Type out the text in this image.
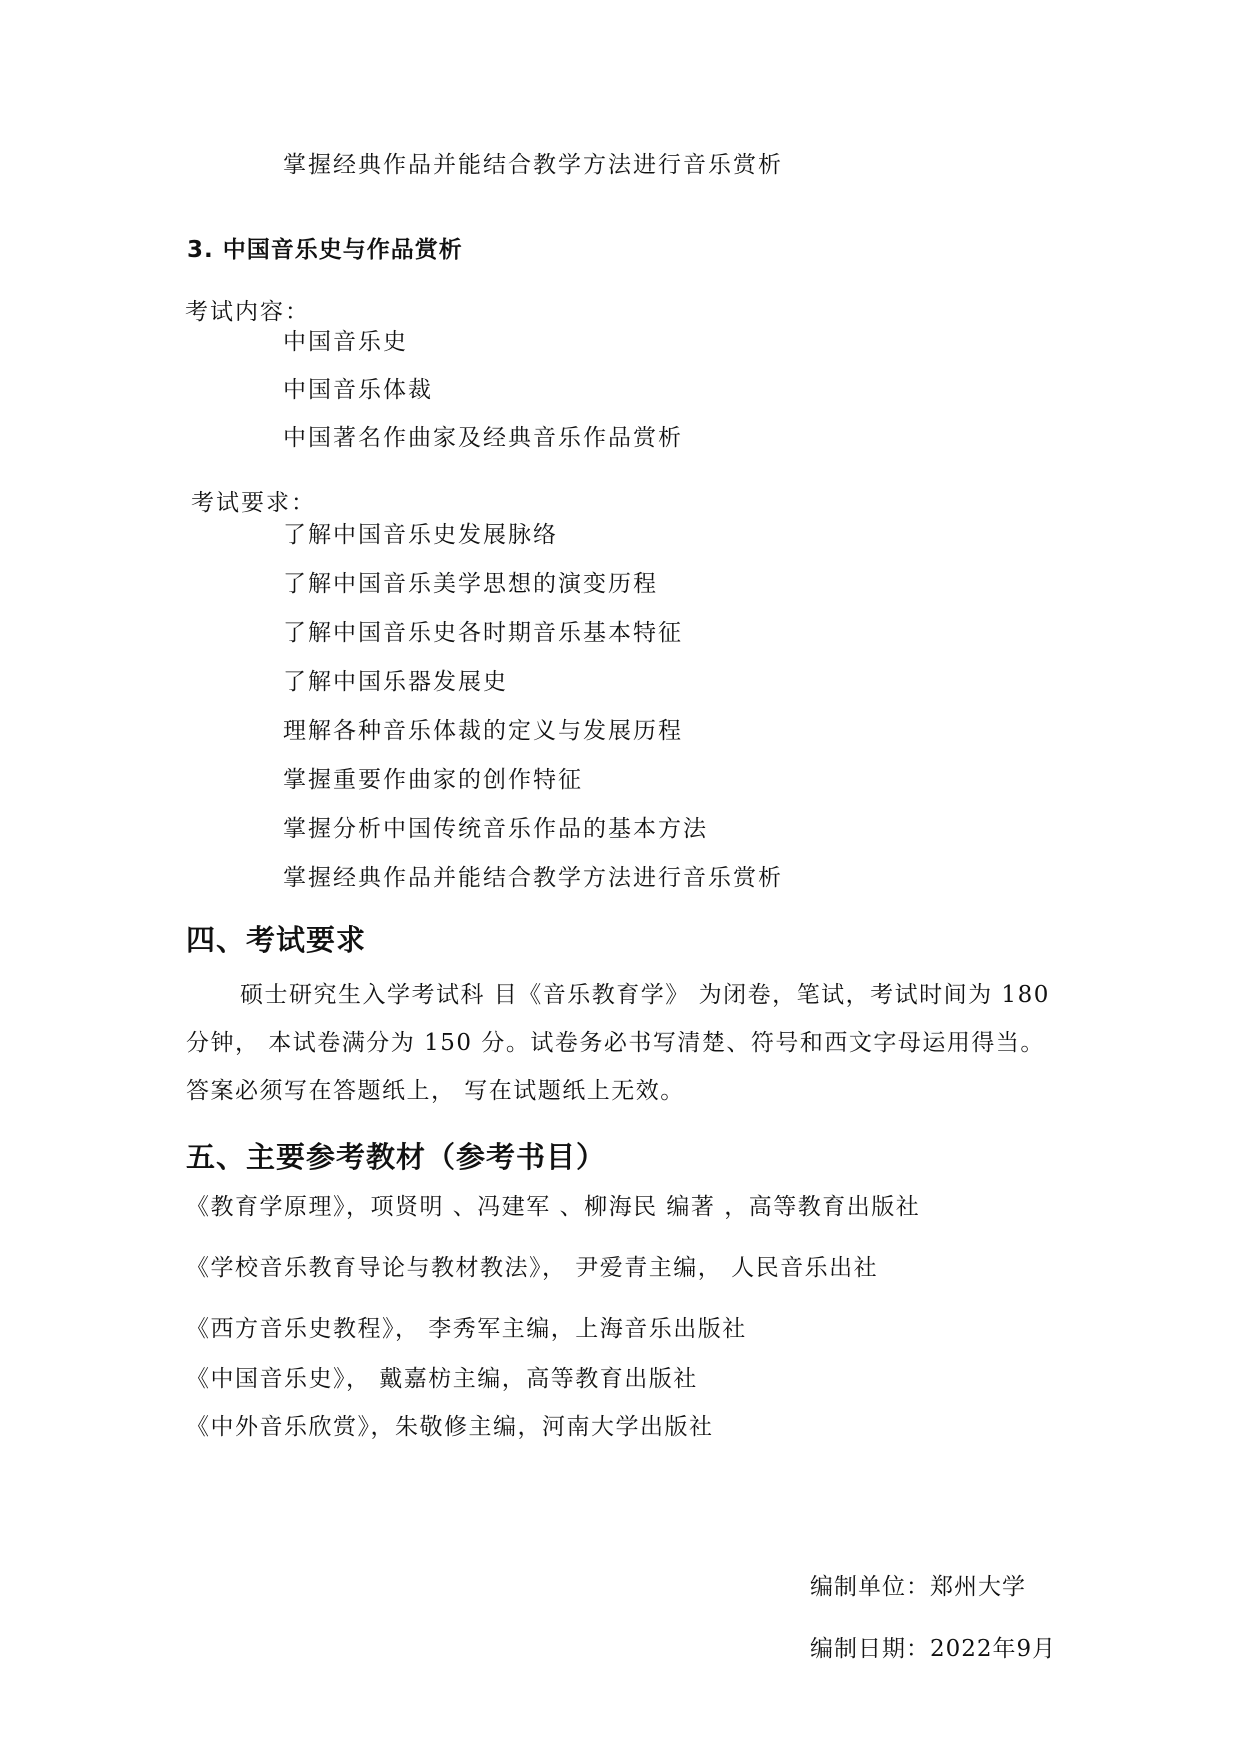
掌握经典作品并能结合教学方法进行音乐赏析
3. 中国音乐史与作品赏析
考试内容：
中国音乐史
中国音乐体裁
中国著名作曲家及经典音乐作品赏析
考试要求：
了解中国音乐史发展脉络
了解中国音乐美学思想的演变历程
了解中国音乐史各时期音乐基本特征
了解中国乐器发展史
理解各种音乐体裁的定义与发展历程
掌握重要作曲家的创作特征
掌握分析中国传统音乐作品的基本方法
掌握经典作品并能结合教学方法进行音乐赏析
四、考试要求
硕士研究生入学考试科 目《音乐教育学》 为闭卷，笔试，考试时间为 180
分钟， 本试卷满分为 150 分。试卷务必书写清楚、符号和西文字母运用得当。
答案必须写在答题纸上， 写在试题纸上无效。
五、主要参考教材（参考书目）
《教育学原理》，项贤明 、冯建军 、柳海民 编著 ，高等教育出版社
《学校音乐教育导论与教材教法》， 尹爱青主编， 人民音乐出社
《西方音乐史教程》， 李秀军主编，上海音乐出版社
《中国音乐史》， 戴嘉枋主编，高等教育出版社
《中外音乐欣赏》，朱敬修主编，河南大学出版社
编制单位：郑州大学
编制日期：2022年9月
